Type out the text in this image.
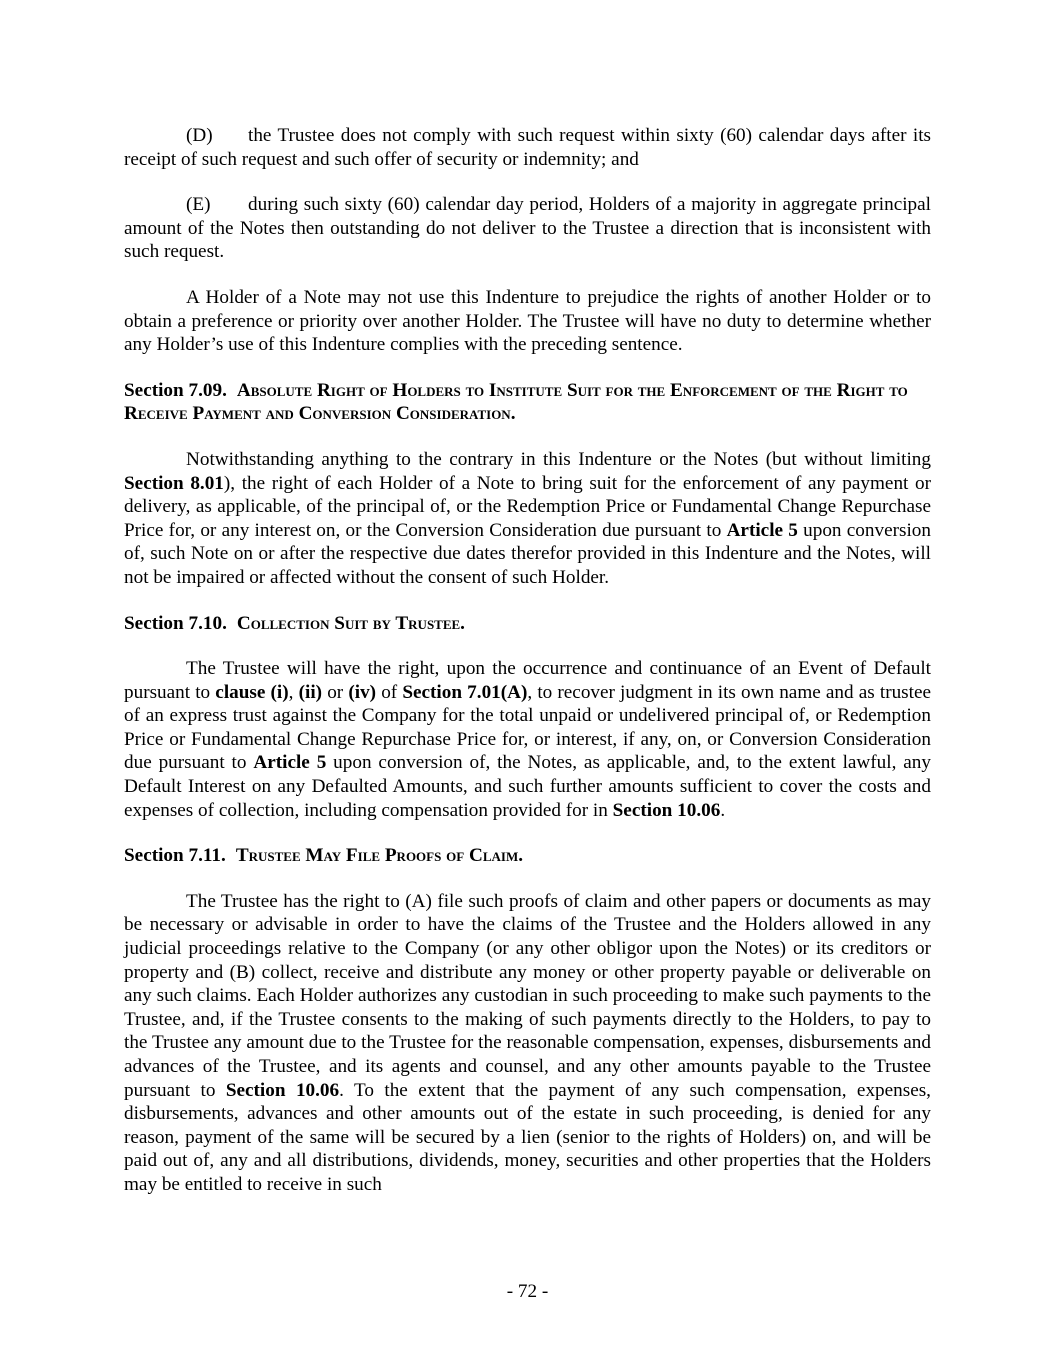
(D) the Trustee does not comply with such request within sixty (60) calendar days after its receipt of such request and such offer of security or indemnity; and

(E) during such sixty (60) calendar day period, Holders of a majority in aggregate principal amount of the Notes then outstanding do not deliver to the Trustee a direction that is inconsistent with such request.

A Holder of a Note may not use this Indenture to prejudice the rights of another Holder or to obtain a preference or priority over another Holder. The Trustee will have no duty to determine whether any Holder’s use of this Indenture complies with the preceding sentence.

Section 7.09. Absolute Right of Holders to Institute Suit for the Enforcement of the Right to Receive Payment and Conversion Consideration.

Notwithstanding anything to the contrary in this Indenture or the Notes (but without limiting Section 8.01), the right of each Holder of a Note to bring suit for the enforcement of any payment or delivery, as applicable, of the principal of, or the Redemption Price or Fundamental Change Repurchase Price for, or any interest on, or the Conversion Consideration due pursuant to Article 5 upon conversion of, such Note on or after the respective due dates therefor provided in this Indenture and the Notes, will not be impaired or affected without the consent of such Holder.

Section 7.10. Collection Suit by Trustee.

The Trustee will have the right, upon the occurrence and continuance of an Event of Default pursuant to clause (i), (ii) or (iv) of Section 7.01(A), to recover judgment in its own name and as trustee of an express trust against the Company for the total unpaid or undelivered principal of, or Redemption Price or Fundamental Change Repurchase Price for, or interest, if any, on, or Conversion Consideration due pursuant to Article 5 upon conversion of, the Notes, as applicable, and, to the extent lawful, any Default Interest on any Defaulted Amounts, and such further amounts sufficient to cover the costs and expenses of collection, including compensation provided for in Section 10.06.

Section 7.11. Trustee May File Proofs of Claim.

The Trustee has the right to (A) file such proofs of claim and other papers or documents as may be necessary or advisable in order to have the claims of the Trustee and the Holders allowed in any judicial proceedings relative to the Company (or any other obligor upon the Notes) or its creditors or property and (B) collect, receive and distribute any money or other property payable or deliverable on any such claims. Each Holder authorizes any custodian in such proceeding to make such payments to the Trustee, and, if the Trustee consents to the making of such payments directly to the Holders, to pay to the Trustee any amount due to the Trustee for the reasonable compensation, expenses, disbursements and advances of the Trustee, and its agents and counsel, and any other amounts payable to the Trustee pursuant to Section 10.06. To the extent that the payment of any such compensation, expenses, disbursements, advances and other amounts out of the estate in such proceeding, is denied for any reason, payment of the same will be secured by a lien (senior to the rights of Holders) on, and will be paid out of, any and all distributions, dividends, money, securities and other properties that the Holders may be entitled to receive in such

- 72 -
